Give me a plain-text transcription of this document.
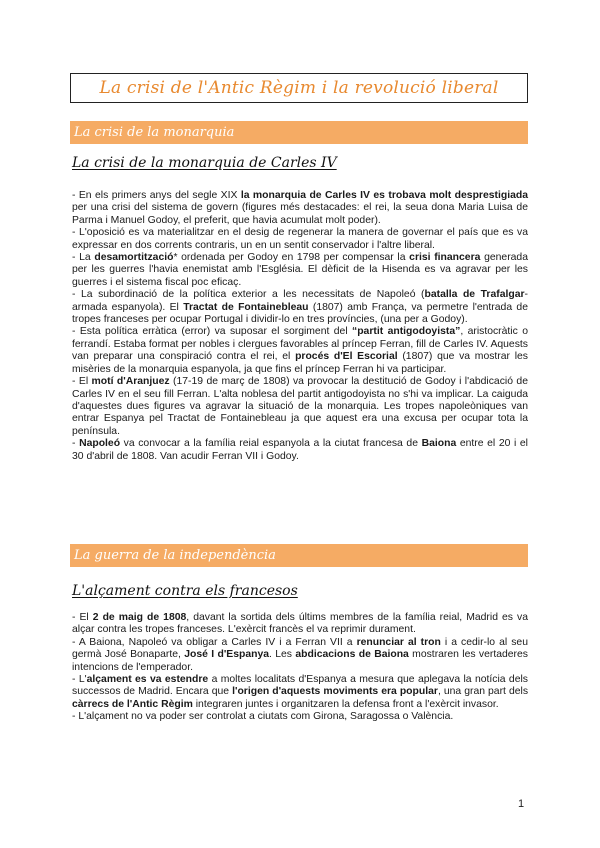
La crisi de l'Antic Règim i la revolució liberal
La crisi de la monarquia
La crisi de la monarquia de Carles IV

- En els primers anys del segle XIX la monarquia de Carles IV es trobava molt desprestigiada per una crisi del sistema de govern (figures més destacades: el rei, la seua dona Maria Luisa de Parma i Manuel Godoy, el preferit, que havia acumulat molt poder).

- L'oposició es va materialitzar en el desig de regenerar la manera de governar el país que es va expressar en dos corrents contraris, un en un sentit conservador i l'altre liberal.

- La desamortització* ordenada per Godoy en 1798 per compensar la crisi financera generada per les guerres l'havia enemistat amb l'Església. El dèficit de la Hisenda es va agravar per les guerres i el sistema fiscal poc eficaç.

- La subordinació de la política exterior a les necessitats de Napoleó (batalla de Trafalgar- armada espanyola). El Tractat de Fontainebleau (1807) amb França, va permetre l'entrada de tropes franceses per ocupar Portugal i dividir-lo en tres províncies, (una per a Godoy).

- Esta política erràtica (error) va suposar el sorgiment del “partit antigodoyista”, aristocràtic o ferrandí. Estaba format per nobles i clergues favorables al príncep Ferran, fill de Carles IV. Aquests van preparar una conspiració contra el rei, el procés d'El Escorial (1807) que va mostrar les misèries de la monarquia espanyola, ja que fins el príncep Ferran hi va participar.

- El motí d'Aranjuez (17-19 de març de 1808) va provocar la destitució de Godoy i l'abdicació de Carles IV en el seu fill Ferran. L'alta noblesa del partit antigodoyista no s'hi va implicar. La caiguda d'aquestes dues figures va agravar la situació de la monarquia. Les tropes napoleòniques van entrar Espanya pel Tractat de Fontainebleau ja que aquest era una excusa per ocupar tota la península.

- Napoleó va convocar a la família reial espanyola a la ciutat francesa de Baiona entre el 20 i el 30 d'abril de 1808. Van acudir Ferran VII i Godoy.

La guerra de la independència
L'alçament contra els francesos

- El 2 de maig de 1808, davant la sortida dels últims membres de la família reial, Madrid es va alçar contra les tropes franceses. L'exèrcit francès el va reprimir durament.

- A Baiona, Napoleó va obligar a Carles IV i a Ferran VII a renunciar al tron i a cedir-lo al seu germà José Bonaparte, José I d'Espanya. Les abdicacions de Baiona mostraren les vertaderes intencions de l'emperador.

- L'alçament es va estendre a moltes localitats d'Espanya a mesura que aplegava la notícia dels successos de Madrid. Encara que l'origen d'aquests moviments era popular, una gran part dels càrrecs de l'Antic Règim integraren juntes i organitzaren la defensa front a l'exèrcit invasor.

- L'alçament no va poder ser controlat a ciutats com Girona, Saragossa o València.

1
